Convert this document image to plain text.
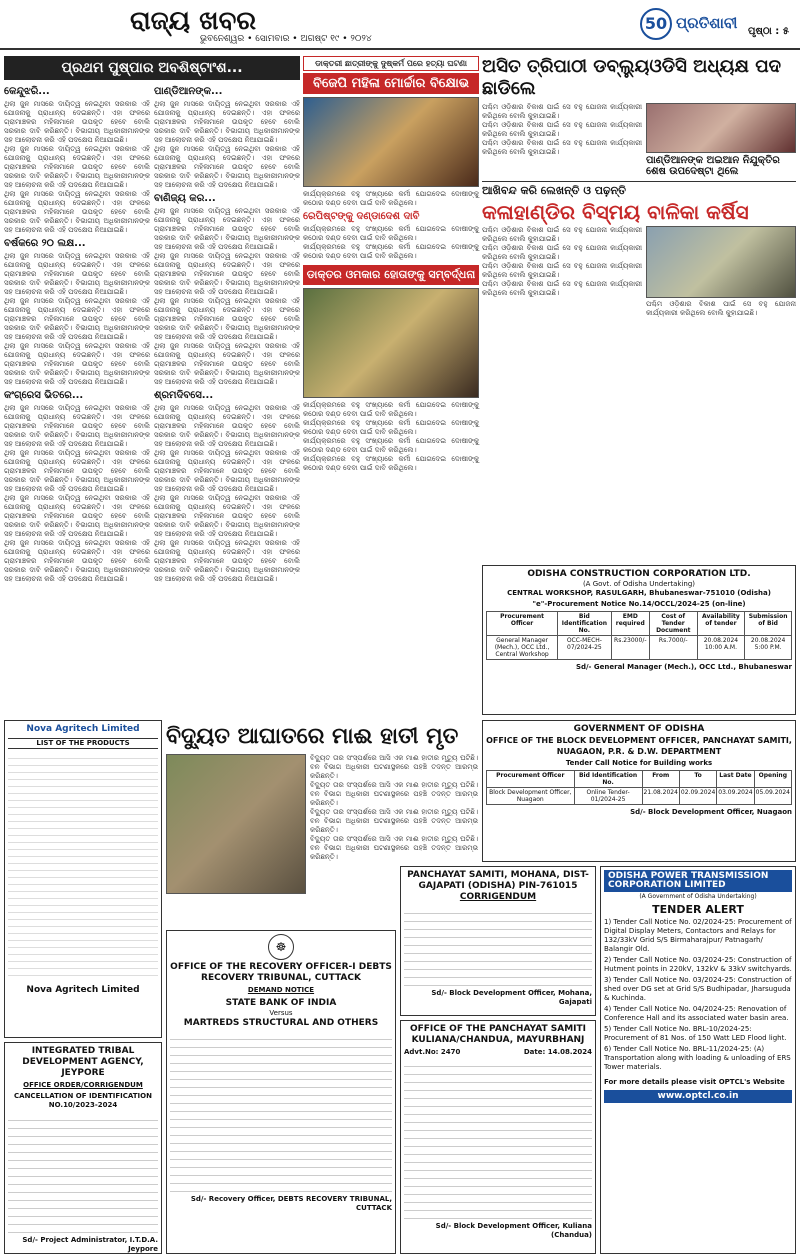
ରାଜ୍ୟ ଖବର
ଭୁବନେଶ୍ୱର • ସୋମବାର • ଅଗଷ୍ଟ ୧୯ • ୨୦୨୪
50 ପ୍ରତିଶାବୀ ପୃଷ୍ଠା : ୫
ପ୍ରଥମ ପୁଷ୍ପାର ଅବଶିଷ୍ଟାଂଶ...
କେନ୍ଦୁଝରି...
ଥିଲା ଜୁନ ମାସରେ ଦାୟିତ୍ୱ ନେଇଥିବା ସରକାର ଏହି ଯୋଜନାକୁ ପ୍ରାଧାନ୍ୟ ଦେଇଛନ୍ତି। ଏହା ଫଳରେ ଗ୍ରାମାଞ୍ଚଳର ମହିଳାମାନେ ଉପକୃତ ହେବେ ବୋଲି ସରକାର ଦାବି କରିଛନ୍ତି। ବିଭାଗୀୟ ଅଧିକାରୀମାନଙ୍କ ସହ ଆଲୋଚନା କରି ଏହି ପଦକ୍ଷେପ ନିଆଯାଇଛି।
ଥିଲା ଜୁନ ମାସରେ ଦାୟିତ୍ୱ ନେଇଥିବା ସରକାର ଏହି ଯୋଜନାକୁ ପ୍ରାଧାନ୍ୟ ଦେଇଛନ୍ତି। ଏହା ଫଳରେ ଗ୍ରାମାଞ୍ଚଳର ମହିଳାମାନେ ଉପକୃତ ହେବେ ବୋଲି ସରକାର ଦାବି କରିଛନ୍ତି। ବିଭାଗୀୟ ଅଧିକାରୀମାନଙ୍କ ସହ ଆଲୋଚନା କରି ଏହି ପଦକ୍ଷେପ ନିଆଯାଇଛି।
ଥିଲା ଜୁନ ମାସରେ ଦାୟିତ୍ୱ ନେଇଥିବା ସରକାର ଏହି ଯୋଜନାକୁ ପ୍ରାଧାନ୍ୟ ଦେଇଛନ୍ତି। ଏହା ଫଳରେ ଗ୍ରାମାଞ୍ଚଳର ମହିଳାମାନେ ଉପକୃତ ହେବେ ବୋଲି ସରକାର ଦାବି କରିଛନ୍ତି। ବିଭାଗୀୟ ଅଧିକାରୀମାନଙ୍କ ସହ ଆଲୋଚନା କରି ଏହି ପଦକ୍ଷେପ ନିଆଯାଇଛି।
ବର୍ଷକରେ ୨୦ ଲକ୍ଷ...
ଥିଲା ଜୁନ ମାସରେ ଦାୟିତ୍ୱ ନେଇଥିବା ସରକାର ଏହି ଯୋଜନାକୁ ପ୍ରାଧାନ୍ୟ ଦେଇଛନ୍ତି। ଏହା ଫଳରେ ଗ୍ରାମାଞ୍ଚଳର ମହିଳାମାନେ ଉପକୃତ ହେବେ ବୋଲି ସରକାର ଦାବି କରିଛନ୍ତି। ବିଭାଗୀୟ ଅଧିକାରୀମାନଙ୍କ ସହ ଆଲୋଚନା କରି ଏହି ପଦକ୍ଷେପ ନିଆଯାଇଛି।
ଥିଲା ଜୁନ ମାସରେ ଦାୟିତ୍ୱ ନେଇଥିବା ସରକାର ଏହି ଯୋଜନାକୁ ପ୍ରାଧାନ୍ୟ ଦେଇଛନ୍ତି। ଏହା ଫଳରେ ଗ୍ରାମାଞ୍ଚଳର ମହିଳାମାନେ ଉପକୃତ ହେବେ ବୋଲି ସରକାର ଦାବି କରିଛନ୍ତି। ବିଭାଗୀୟ ଅଧିକାରୀମାନଙ୍କ ସହ ଆଲୋଚନା କରି ଏହି ପଦକ୍ଷେପ ନିଆଯାଇଛି।
ଥିଲା ଜୁନ ମାସରେ ଦାୟିତ୍ୱ ନେଇଥିବା ସରକାର ଏହି ଯୋଜନାକୁ ପ୍ରାଧାନ୍ୟ ଦେଇଛନ୍ତି। ଏହା ଫଳରେ ଗ୍ରାମାଞ୍ଚଳର ମହିଳାମାନେ ଉପକୃତ ହେବେ ବୋଲି ସରକାର ଦାବି କରିଛନ୍ତି। ବିଭାଗୀୟ ଅଧିକାରୀମାନଙ୍କ ସହ ଆଲୋଚନା କରି ଏହି ପଦକ୍ଷେପ ନିଆଯାଇଛି।
କଂଗ୍ରେସ ଭିତରେ...
ଥିଲା ଜୁନ ମାସରେ ଦାୟିତ୍ୱ ନେଇଥିବା ସରକାର ଏହି ଯୋଜନାକୁ ପ୍ରାଧାନ୍ୟ ଦେଇଛନ୍ତି। ଏହା ଫଳରେ ଗ୍ରାମାଞ୍ଚଳର ମହିଳାମାନେ ଉପକୃତ ହେବେ ବୋଲି ସରକାର ଦାବି କରିଛନ୍ତି। ବିଭାଗୀୟ ଅଧିକାରୀମାନଙ୍କ ସହ ଆଲୋଚନା କରି ଏହି ପଦକ୍ଷେପ ନିଆଯାଇଛି।
ଥିଲା ଜୁନ ମାସରେ ଦାୟିତ୍ୱ ନେଇଥିବା ସରକାର ଏହି ଯୋଜନାକୁ ପ୍ରାଧାନ୍ୟ ଦେଇଛନ୍ତି। ଏହା ଫଳରେ ଗ୍ରାମାଞ୍ଚଳର ମହିଳାମାନେ ଉପକୃତ ହେବେ ବୋଲି ସରକାର ଦାବି କରିଛନ୍ତି। ବିଭାଗୀୟ ଅଧିକାରୀମାନଙ୍କ ସହ ଆଲୋଚନା କରି ଏହି ପଦକ୍ଷେପ ନିଆଯାଇଛି।
ଥିଲା ଜୁନ ମାସରେ ଦାୟିତ୍ୱ ନେଇଥିବା ସରକାର ଏହି ଯୋଜନାକୁ ପ୍ରାଧାନ୍ୟ ଦେଇଛନ୍ତି। ଏହା ଫଳରେ ଗ୍ରାମାଞ୍ଚଳର ମହିଳାମାନେ ଉପକୃତ ହେବେ ବୋଲି ସରକାର ଦାବି କରିଛନ୍ତି। ବିଭାଗୀୟ ଅଧିକାରୀମାନଙ୍କ ସହ ଆଲୋଚନା କରି ଏହି ପଦକ୍ଷେପ ନିଆଯାଇଛି।
ଥିଲା ଜୁନ ମାସରେ ଦାୟିତ୍ୱ ନେଇଥିବା ସରକାର ଏହି ଯୋଜନାକୁ ପ୍ରାଧାନ୍ୟ ଦେଇଛନ୍ତି। ଏହା ଫଳରେ ଗ୍ରାମାଞ୍ଚଳର ମହିଳାମାନେ ଉପକୃତ ହେବେ ବୋଲି ସରକାର ଦାବି କରିଛନ୍ତି। ବିଭାଗୀୟ ଅଧିକାରୀମାନଙ୍କ ସହ ଆଲୋଚନା କରି ଏହି ପଦକ୍ଷେପ ନିଆଯାଇଛି।
ପାଣ୍ଡିଆନଙ୍କ...
ଥିଲା ଜୁନ ମାସରେ ଦାୟିତ୍ୱ ନେଇଥିବା ସରକାର ଏହି ଯୋଜନାକୁ ପ୍ରାଧାନ୍ୟ ଦେଇଛନ୍ତି। ଏହା ଫଳରେ ଗ୍ରାମାଞ୍ଚଳର ମହିଳାମାନେ ଉପକୃତ ହେବେ ବୋଲି ସରକାର ଦାବି କରିଛନ୍ତି। ବିଭାଗୀୟ ଅଧିକାରୀମାନଙ୍କ ସହ ଆଲୋଚନା କରି ଏହି ପଦକ୍ଷେପ ନିଆଯାଇଛି।
ଥିଲା ଜୁନ ମାସରେ ଦାୟିତ୍ୱ ନେଇଥିବା ସରକାର ଏହି ଯୋଜନାକୁ ପ୍ରାଧାନ୍ୟ ଦେଇଛନ୍ତି। ଏହା ଫଳରେ ଗ୍ରାମାଞ୍ଚଳର ମହିଳାମାନେ ଉପକୃତ ହେବେ ବୋଲି ସରକାର ଦାବି କରିଛନ୍ତି। ବିଭାଗୀୟ ଅଧିକାରୀମାନଙ୍କ ସହ ଆଲୋଚନା କରି ଏହି ପଦକ୍ଷେପ ନିଆଯାଇଛି।
ବାଣିଜ୍ୟ କର...
ଥିଲା ଜୁନ ମାସରେ ଦାୟିତ୍ୱ ନେଇଥିବା ସରକାର ଏହି ଯୋଜନାକୁ ପ୍ରାଧାନ୍ୟ ଦେଇଛନ୍ତି। ଏହା ଫଳରେ ଗ୍ରାମାଞ୍ଚଳର ମହିଳାମାନେ ଉପକୃତ ହେବେ ବୋଲି ସରକାର ଦାବି କରିଛନ୍ତି। ବିଭାଗୀୟ ଅଧିକାରୀମାନଙ୍କ ସହ ଆଲୋଚନା କରି ଏହି ପଦକ୍ଷେପ ନିଆଯାଇଛି।
ଥିଲା ଜୁନ ମାସରେ ଦାୟିତ୍ୱ ନେଇଥିବା ସରକାର ଏହି ଯୋଜନାକୁ ପ୍ରାଧାନ୍ୟ ଦେଇଛନ୍ତି। ଏହା ଫଳରେ ଗ୍ରାମାଞ୍ଚଳର ମହିଳାମାନେ ଉପକୃତ ହେବେ ବୋଲି ସରକାର ଦାବି କରିଛନ୍ତି। ବିଭାଗୀୟ ଅଧିକାରୀମାନଙ୍କ ସହ ଆଲୋଚନା କରି ଏହି ପଦକ୍ଷେପ ନିଆଯାଇଛି।
ଥିଲା ଜୁନ ମାସରେ ଦାୟିତ୍ୱ ନେଇଥିବା ସରକାର ଏହି ଯୋଜନାକୁ ପ୍ରାଧାନ୍ୟ ଦେଇଛନ୍ତି। ଏହା ଫଳରେ ଗ୍ରାମାଞ୍ଚଳର ମହିଳାମାନେ ଉପକୃତ ହେବେ ବୋଲି ସରକାର ଦାବି କରିଛନ୍ତି। ବିଭାଗୀୟ ଅଧିକାରୀମାନଙ୍କ ସହ ଆଲୋଚନା କରି ଏହି ପଦକ୍ଷେପ ନିଆଯାଇଛି।
ଥିଲା ଜୁନ ମାସରେ ଦାୟିତ୍ୱ ନେଇଥିବା ସରକାର ଏହି ଯୋଜନାକୁ ପ୍ରାଧାନ୍ୟ ଦେଇଛନ୍ତି। ଏହା ଫଳରେ ଗ୍ରାମାଞ୍ଚଳର ମହିଳାମାନେ ଉପକୃତ ହେବେ ବୋଲି ସରକାର ଦାବି କରିଛନ୍ତି। ବିଭାଗୀୟ ଅଧିକାରୀମାନଙ୍କ ସହ ଆଲୋଚନା କରି ଏହି ପଦକ୍ଷେପ ନିଆଯାଇଛି।
ଶ୍ରମଦିବସେ...
ଥିଲା ଜୁନ ମାସରେ ଦାୟିତ୍ୱ ନେଇଥିବା ସରକାର ଏହି ଯୋଜନାକୁ ପ୍ରାଧାନ୍ୟ ଦେଇଛନ୍ତି। ଏହା ଫଳରେ ଗ୍ରାମାଞ୍ଚଳର ମହିଳାମାନେ ଉପକୃତ ହେବେ ବୋଲି ସରକାର ଦାବି କରିଛନ୍ତି। ବିଭାଗୀୟ ଅଧିକାରୀମାନଙ୍କ ସହ ଆଲୋଚନା କରି ଏହି ପଦକ୍ଷେପ ନିଆଯାଇଛି।
ଥିଲା ଜୁନ ମାସରେ ଦାୟିତ୍ୱ ନେଇଥିବା ସରକାର ଏହି ଯୋଜନାକୁ ପ୍ରାଧାନ୍ୟ ଦେଇଛନ୍ତି। ଏହା ଫଳରେ ଗ୍ରାମାଞ୍ଚଳର ମହିଳାମାନେ ଉପକୃତ ହେବେ ବୋଲି ସରକାର ଦାବି କରିଛନ୍ତି। ବିଭାଗୀୟ ଅଧିକାରୀମାନଙ୍କ ସହ ଆଲୋଚନା କରି ଏହି ପଦକ୍ଷେପ ନିଆଯାଇଛି।
ଥିଲା ଜୁନ ମାସରେ ଦାୟିତ୍ୱ ନେଇଥିବା ସରକାର ଏହି ଯୋଜନାକୁ ପ୍ରାଧାନ୍ୟ ଦେଇଛନ୍ତି। ଏହା ଫଳରେ ଗ୍ରାମାଞ୍ଚଳର ମହିଳାମାନେ ଉପକୃତ ହେବେ ବୋଲି ସରକାର ଦାବି କରିଛନ୍ତି। ବିଭାଗୀୟ ଅଧିକାରୀମାନଙ୍କ ସହ ଆଲୋଚନା କରି ଏହି ପଦକ୍ଷେପ ନିଆଯାଇଛି।
ଥିଲା ଜୁନ ମାସରେ ଦାୟିତ୍ୱ ନେଇଥିବା ସରକାର ଏହି ଯୋଜନାକୁ ପ୍ରାଧାନ୍ୟ ଦେଇଛନ୍ତି। ଏହା ଫଳରେ ଗ୍ରାମାଞ୍ଚଳର ମହିଳାମାନେ ଉପକୃତ ହେବେ ବୋଲି ସରକାର ଦାବି କରିଛନ୍ତି। ବିଭାଗୀୟ ଅଧିକାରୀମାନଙ୍କ ସହ ଆଲୋଚନା କରି ଏହି ପଦକ୍ଷେପ ନିଆଯାଇଛି।
ଡାକ୍ତରୀ ଛାତ୍ରୀଙ୍କୁ ଦୁଷ୍କର୍ମ ପରେ ହତ୍ୟା ଘଟଣା
ବିଜେପି ମହିଳା ମୋର୍ଚ୍ଚାର ବିକ୍ଷୋଭ
କାର୍ଯ୍ୟକ୍ରମରେ ବହୁ ସଂଖ୍ୟାରେ କର୍ମୀ ଯୋଗଦେଇ ଦୋଷୀଙ୍କୁ କଠୋର ଦଣ୍ଡ ଦେବା ପାଇଁ ଦାବି କରିଥିଲେ।
ରେପିଷ୍ଟଙ୍କୁ ଦଣ୍ଡାଦେଶ ଦାବି
କାର୍ଯ୍ୟକ୍ରମରେ ବହୁ ସଂଖ୍ୟାରେ କର୍ମୀ ଯୋଗଦେଇ ଦୋଷୀଙ୍କୁ କଠୋର ଦଣ୍ଡ ଦେବା ପାଇଁ ଦାବି କରିଥିଲେ।
କାର୍ଯ୍ୟକ୍ରମରେ ବହୁ ସଂଖ୍ୟାରେ କର୍ମୀ ଯୋଗଦେଇ ଦୋଷୀଙ୍କୁ କଠୋର ଦଣ୍ଡ ଦେବା ପାଇଁ ଦାବି କରିଥିଲେ।
ଡାକ୍ତର ଓମକାର ହୋତାଙ୍କୁ ସମ୍ବର୍ଦ୍ଧନା
କାର୍ଯ୍ୟକ୍ରମରେ ବହୁ ସଂଖ୍ୟାରେ କର୍ମୀ ଯୋଗଦେଇ ଦୋଷୀଙ୍କୁ କଠୋର ଦଣ୍ଡ ଦେବା ପାଇଁ ଦାବି କରିଥିଲେ।
କାର୍ଯ୍ୟକ୍ରମରେ ବହୁ ସଂଖ୍ୟାରେ କର୍ମୀ ଯୋଗଦେଇ ଦୋଷୀଙ୍କୁ କଠୋର ଦଣ୍ଡ ଦେବା ପାଇଁ ଦାବି କରିଥିଲେ।
କାର୍ଯ୍ୟକ୍ରମରେ ବହୁ ସଂଖ୍ୟାରେ କର୍ମୀ ଯୋଗଦେଇ ଦୋଷୀଙ୍କୁ କଠୋର ଦଣ୍ଡ ଦେବା ପାଇଁ ଦାବି କରିଥିଲେ।
କାର୍ଯ୍ୟକ୍ରମରେ ବହୁ ସଂଖ୍ୟାରେ କର୍ମୀ ଯୋଗଦେଇ ଦୋଷୀଙ୍କୁ କଠୋର ଦଣ୍ଡ ଦେବା ପାଇଁ ଦାବି କରିଥିଲେ।
ଅସିତ ତ୍ରିପାଠୀ ଡବ୍ଲ୍ୟୁଓଡିସି ଅଧ୍ୟକ୍ଷ ପଦ ଛାଡିଲେ
ପଶ୍ଚିମ ଓଡ଼ିଶାର ବିକାଶ ପାଇଁ ସେ ବହୁ ଯୋଜନା କାର୍ଯ୍ୟକାରୀ କରିଥିଲେ ବୋଲି କୁହାଯାଇଛି।
ପଶ୍ଚିମ ଓଡ଼ିଶାର ବିକାଶ ପାଇଁ ସେ ବହୁ ଯୋଜନା କାର୍ଯ୍ୟକାରୀ କରିଥିଲେ ବୋଲି କୁହାଯାଇଛି।
ପଶ୍ଚିମ ଓଡ଼ିଶାର ବିକାଶ ପାଇଁ ସେ ବହୁ ଯୋଜନା କାର୍ଯ୍ୟକାରୀ କରିଥିଲେ ବୋଲି କୁହାଯାଇଛି।
ପାଣ୍ଡିଆନଙ୍କ ଅଇଆନ ନିଯୁକ୍ତିର ଶେଷ ଉପଦେଷ୍ଟା ଥିଲେ
ଆଖିବନ୍ଦ କରି ଲେଖନ୍ତି ଓ ପଢ଼ନ୍ତି
କଳାହାଣ୍ଡିର ବିସ୍ମୟ ବାଳିକା କର୍ଷିସ
ପଶ୍ଚିମ ଓଡ଼ିଶାର ବିକାଶ ପାଇଁ ସେ ବହୁ ଯୋଜନା କାର୍ଯ୍ୟକାରୀ କରିଥିଲେ ବୋଲି କୁହାଯାଇଛି।
ପଶ୍ଚିମ ଓଡ଼ିଶାର ବିକାଶ ପାଇଁ ସେ ବହୁ ଯୋଜନା କାର୍ଯ୍ୟକାରୀ କରିଥିଲେ ବୋଲି କୁହାଯାଇଛି।
ପଶ୍ଚିମ ଓଡ଼ିଶାର ବିକାଶ ପାଇଁ ସେ ବହୁ ଯୋଜନା କାର୍ଯ୍ୟକାରୀ କରିଥିଲେ ବୋଲି କୁହାଯାଇଛି।
ପଶ୍ଚିମ ଓଡ଼ିଶାର ବିକାଶ ପାଇଁ ସେ ବହୁ ଯୋଜନା କାର୍ଯ୍ୟକାରୀ କରିଥିଲେ ବୋଲି କୁହାଯାଇଛି।
ପଶ୍ଚିମ ଓଡ଼ିଶାର ବିକାଶ ପାଇଁ ସେ ବହୁ ଯୋଜନା କାର୍ଯ୍ୟକାରୀ କରିଥିଲେ ବୋଲି କୁହାଯାଇଛି।
ODISHA CONSTRUCTION CORPORATION LTD.
(A Govt. of Odisha Undertaking)
CENTRAL WORKSHOP, RASULGARH, Bhubaneswar-751010 (Odisha)
"e"-Procurement Notice No.14/OCCL/2024-25 (on-line)
Procurement Officer	Bid Identification No.	EMD required	Cost of Tender Document	Availability of tender	Submission of Bid
General Manager (Mech.), OCC Ltd., Central Workshop	OCC-MECH-07/2024-25	Rs.23000/-	Rs.7000/-	20.08.2024 10:00 A.M.	20.08.2024 5:00 P.M.
Sd/- General Manager (Mech.), OCC Ltd., Bhubaneswar
Nova Agritech Limited
LIST OF THE PRODUCTS
Nova Agritech Limited
INTEGRATED TRIBAL DEVELOPMENT AGENCY, JEYPORE
OFFICE ORDER/CORRIGENDUM
CANCELLATION OF IDENTIFICATION NO.10/2023-2024
Sd/- Project Administrator, I.T.D.A. Jeypore
ବିଦ୍ୟୁତ ଆଘାତରେ ମାଈ ହାତୀ ମୃତ
ବିଦ୍ୟୁତ ତାର ସଂସ୍ପର୍ଶରେ ଆସି ଏକ ମାଈ ହାତୀର ମୃତ୍ୟୁ ଘଟିଛି। ବନ ବିଭାଗ ଅଧିକାରୀ ଘଟଣାସ୍ଥଳରେ ପହଞ୍ଚି ତଦନ୍ତ ଆରମ୍ଭ କରିଛନ୍ତି।
ବିଦ୍ୟୁତ ତାର ସଂସ୍ପର୍ଶରେ ଆସି ଏକ ମାଈ ହାତୀର ମୃତ୍ୟୁ ଘଟିଛି। ବନ ବିଭାଗ ଅଧିକାରୀ ଘଟଣାସ୍ଥଳରେ ପହଞ୍ଚି ତଦନ୍ତ ଆରମ୍ଭ କରିଛନ୍ତି।
ବିଦ୍ୟୁତ ତାର ସଂସ୍ପର୍ଶରେ ଆସି ଏକ ମାଈ ହାତୀର ମୃତ୍ୟୁ ଘଟିଛି। ବନ ବିଭାଗ ଅଧିକାରୀ ଘଟଣାସ୍ଥଳରେ ପହଞ୍ଚି ତଦନ୍ତ ଆରମ୍ଭ କରିଛନ୍ତି।
ବିଦ୍ୟୁତ ତାର ସଂସ୍ପର୍ଶରେ ଆସି ଏକ ମାଈ ହାତୀର ମୃତ୍ୟୁ ଘଟିଛି। ବନ ବିଭାଗ ଅଧିକାରୀ ଘଟଣାସ୍ଥଳରେ ପହଞ୍ଚି ତଦନ୍ତ ଆରମ୍ଭ କରିଛନ୍ତି।
GOVERNMENT OF ODISHA
OFFICE OF THE BLOCK DEVELOPMENT OFFICER, PANCHAYAT SAMITI, NUAGAON, P.R. & D.W. DEPARTMENT
Tender Call Notice for Building works
Procurement Officer	Bid Identification No.	From	To	Last Date	Opening
Block Development Officer, Nuagaon	Online Tender-01/2024-25	21.08.2024	02.09.2024	03.09.2024	05.09.2024
Sd/- Block Development Officer, Nuagaon
☸
OFFICE OF THE RECOVERY OFFICER-I DEBTS RECOVERY TRIBUNAL, CUTTACK
DEMAND NOTICE
STATE BANK OF INDIA
Versus
MARTREDS STRUCTURAL AND OTHERS
Sd/- Recovery Officer, DEBTS RECOVERY TRIBUNAL, CUTTACK
PANCHAYAT SAMITI, MOHANA, DIST-GAJAPATI (ODISHA) PIN-761015
CORRIGENDUM
Sd/- Block Development Officer, Mohana, Gajapati
OFFICE OF THE PANCHAYAT SAMITI KULIANA/CHANDUA, MAYURBHANJ
Advt.No: 2470	Date: 14.08.2024
Sd/- Block Development Officer, Kuliana (Chandua)
ODISHA POWER TRANSMISSION CORPORATION LIMITED
(A Government of Odisha Undertaking)
TENDER ALERT
1) Tender Call Notice No. 02/2024-25: Procurement of Digital Display Meters, Contactors and Relays for 132/33kV Grid S/S Birmaharajpur/ Patnagarh/ Balangir Old.
2) Tender Call Notice No. 03/2024-25: Construction of Hutment points in 220kV, 132kV & 33kV switchyards.
3) Tender Call Notice No. 03/2024-25: Construction of shed over DG set at Grid S/S Budhipadar, Jharsuguda & Kuchinda.
4) Tender Call Notice No. 04/2024-25: Renovation of Conference Hall and its associated water basin area.
5) Tender Call Notice No. BRL-10/2024-25: Procurement of 81 Nos. of 150 Watt LED Flood light.
6) Tender Call Notice No. BRL-11/2024-25: (A) Transportation along with loading & unloading of ERS Tower materials.
For more details please visit OPTCL's Website
www.optcl.co.in
